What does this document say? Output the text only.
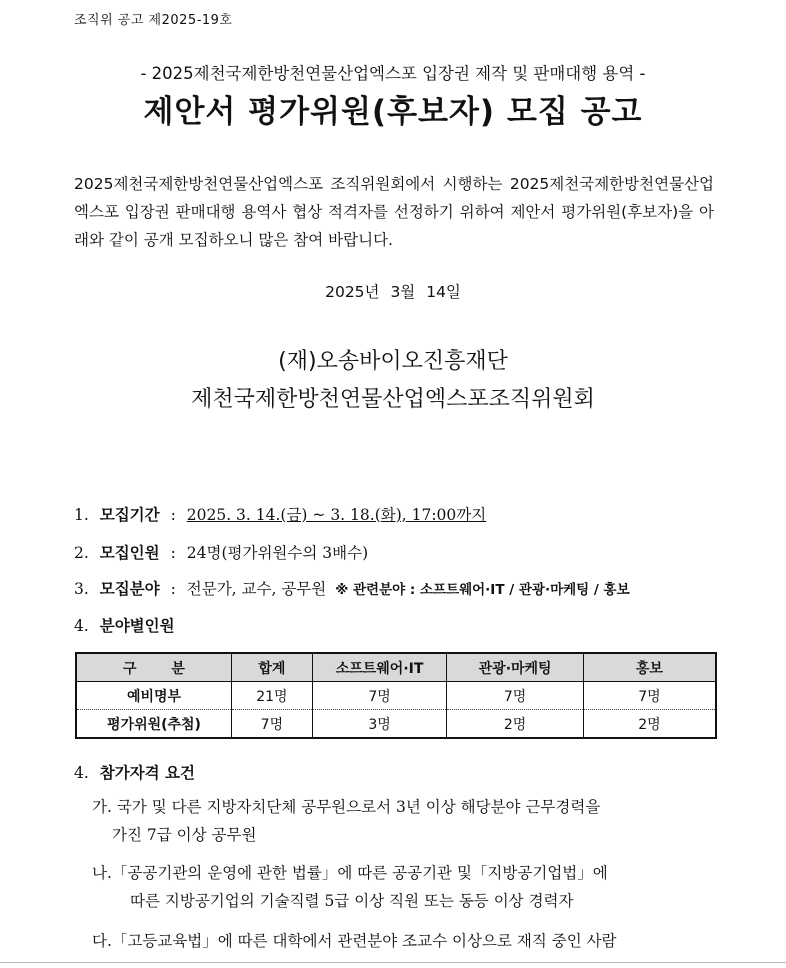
조직위 공고 제2025-19호
- 2025제천국제한방천연물산업엑스포 입장권 제작 및 판매대행 용역 -
제안서 평가위원(후보자) 모집 공고

2025제천국제한방천연물산업엑스포 조직위원회에서 시행하는 2025제천국제한방천연물산업엑스포 입장권 판매대행 용역사 협상 적격자를 선정하기 위하여 제안서 평가위원(후보자)을 아래와 같이 공개 모집하오니 많은 참여 바랍니다.

2025년 3월 14일
(재)오송바이오진흥재단
제천국제한방천연물산업엑스포조직위원회
1. 모집기간 : 2025. 3. 14.(금) ~ 3. 18.(화), 17:00까지
2. 모집인원 : 24명(평가위원수의 3배수)
3. 모집분야 : 전문가, 교수, 공무원 ※ 관련분야 : 소프트웨어·IT / 관광·마케팅 / 홍보
4. 분야별인원
구 분	합계	소프트웨어·IT	관광·마케팅	홍보
예비명부	21명	7명	7명	7명
평가위원(추첨)	7명	3명	2명	2명
4. 참가자격 요건
가. 국가 및 다른 지방자치단체 공무원으로서 3년 이상 해당분야 근무경력을
가진 7급 이상 공무원
나.「공공기관의 운영에 관한 법률」에 따른 공공기관 및「지방공기업법」에
따른 지방공기업의 기술직렬 5급 이상 직원 또는 동등 이상 경력자
다.「고등교육법」에 따른 대학에서 관련분야 조교수 이상으로 재직 중인 사람
